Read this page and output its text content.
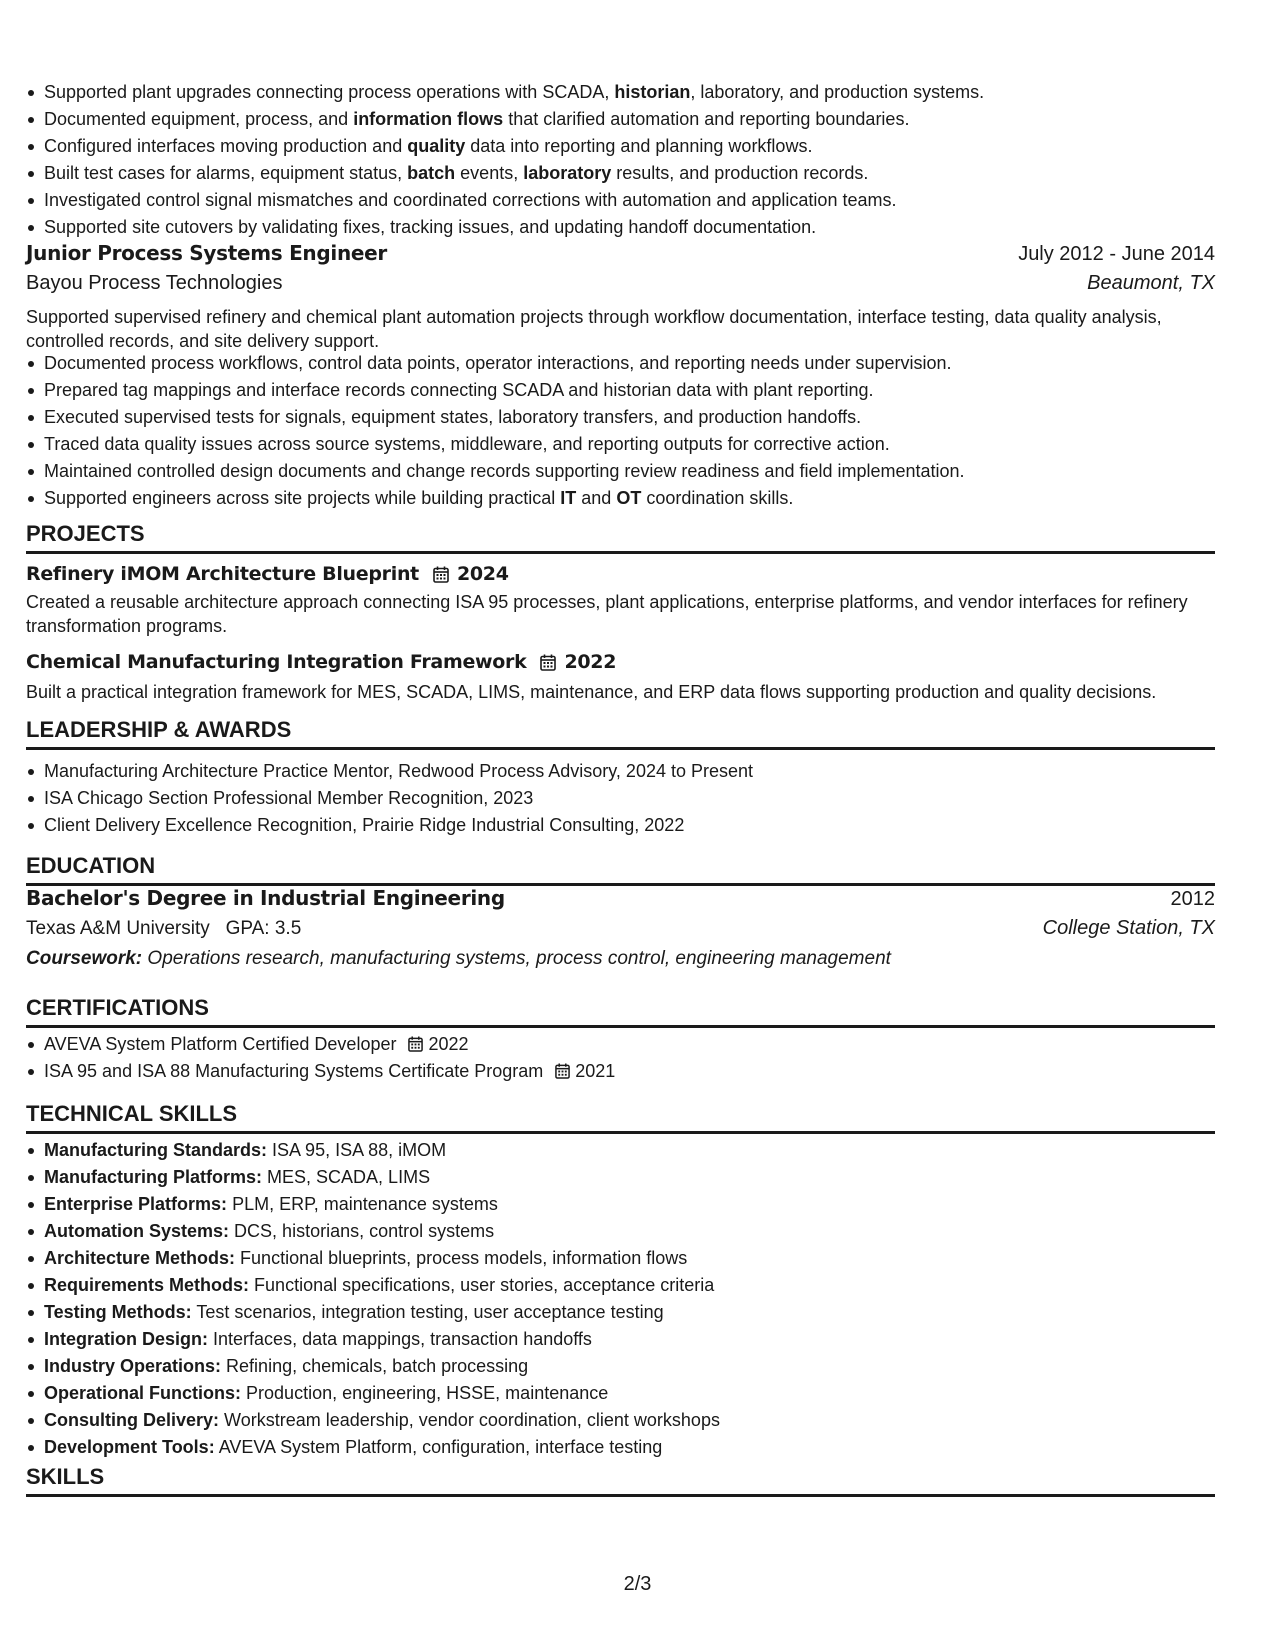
Supported plant upgrades connecting process operations with SCADA, historian, laboratory, and production systems.
Documented equipment, process, and information flows that clarified automation and reporting boundaries.
Configured interfaces moving production and quality data into reporting and planning workflows.
Built test cases for alarms, equipment status, batch events, laboratory results, and production records.
Investigated control signal mismatches and coordinated corrections with automation and application teams.
Supported site cutovers by validating fixes, tracking issues, and updating handoff documentation.
Junior Process Systems Engineer	July 2012 - June 2014
Bayou Process Technologies	Beaumont, TX
Supported supervised refinery and chemical plant automation projects through workflow documentation, interface testing, data quality analysis, controlled records, and site delivery support.
Documented process workflows, control data points, operator interactions, and reporting needs under supervision.
Prepared tag mappings and interface records connecting SCADA and historian data with plant reporting.
Executed supervised tests for signals, equipment states, laboratory transfers, and production handoffs.
Traced data quality issues across source systems, middleware, and reporting outputs for corrective action.
Maintained controlled design documents and change records supporting review readiness and field implementation.
Supported engineers across site projects while building practical IT and OT coordination skills.
PROJECTS
Refinery iMOM Architecture Blueprint 2024
Created a reusable architecture approach connecting ISA 95 processes, plant applications, enterprise platforms, and vendor interfaces for refinery transformation programs.
Chemical Manufacturing Integration Framework 2022
Built a practical integration framework for MES, SCADA, LIMS, maintenance, and ERP data flows supporting production and quality decisions.
LEADERSHIP & AWARDS
Manufacturing Architecture Practice Mentor, Redwood Process Advisory, 2024 to Present
ISA Chicago Section Professional Member Recognition, 2023
Client Delivery Excellence Recognition, Prairie Ridge Industrial Consulting, 2022
EDUCATION
Bachelor's Degree in Industrial Engineering	2012
Texas A&M University GPA: 3.5	College Station, TX
Coursework: Operations research, manufacturing systems, process control, engineering management
CERTIFICATIONS
AVEVA System Platform Certified Developer 2022
ISA 95 and ISA 88 Manufacturing Systems Certificate Program 2021
TECHNICAL SKILLS
Manufacturing Standards: ISA 95, ISA 88, iMOM
Manufacturing Platforms: MES, SCADA, LIMS
Enterprise Platforms: PLM, ERP, maintenance systems
Automation Systems: DCS, historians, control systems
Architecture Methods: Functional blueprints, process models, information flows
Requirements Methods: Functional specifications, user stories, acceptance criteria
Testing Methods: Test scenarios, integration testing, user acceptance testing
Integration Design: Interfaces, data mappings, transaction handoffs
Industry Operations: Refining, chemicals, batch processing
Operational Functions: Production, engineering, HSSE, maintenance
Consulting Delivery: Workstream leadership, vendor coordination, client workshops
Development Tools: AVEVA System Platform, configuration, interface testing
SKILLS
2/3
